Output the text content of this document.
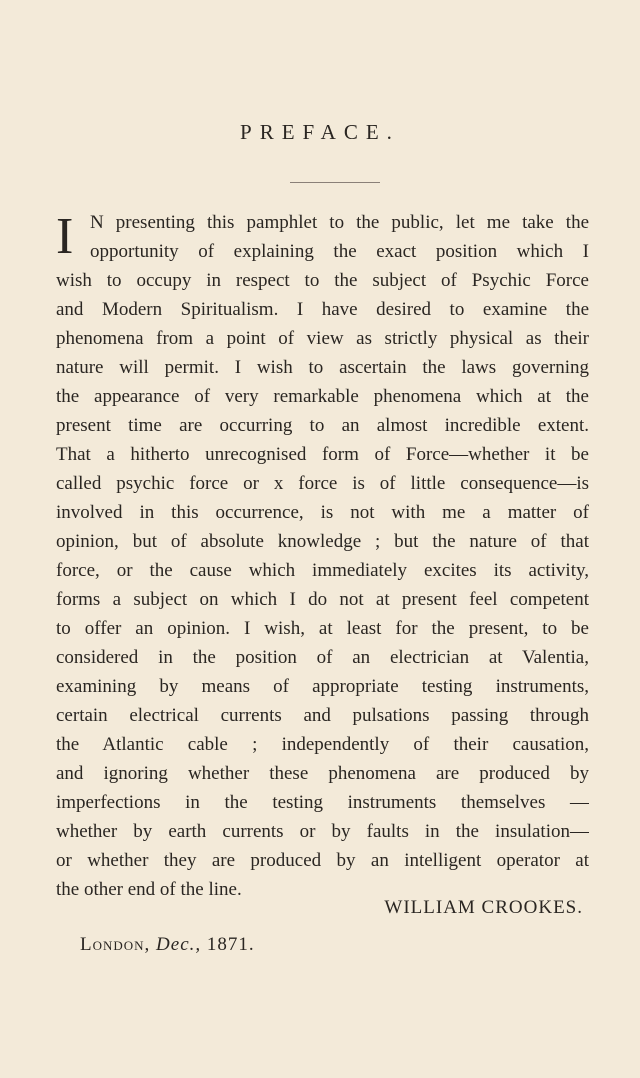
PREFACE.
I N presenting this pamphlet to the public, let me take the
opportunity of explaining the exact position which I
wish to occupy in respect to the subject of Psychic Force
and Modern Spiritualism. I have desired to examine the
phenomena from a point of view as strictly physical as their
nature will permit. I wish to ascertain the laws governing
the appearance of very remarkable phenomena which at the
present time are occurring to an almost incredible extent.
That a hitherto unrecognised form of Force—whether it be
called psychic force or x force is of little consequence—is
involved in this occurrence, is not with me a matter of
opinion, but of absolute knowledge ; but the nature of that
force, or the cause which immediately excites its activity,
forms a subject on which I do not at present feel competent
to offer an opinion. I wish, at least for the present, to be
considered in the position of an electrician at Valentia,
examining by means of appropriate testing instruments,
certain electrical currents and pulsations passing through
the Atlantic cable ; independently of their causation,
and ignoring whether these phenomena are produced by
imperfections in the testing instruments themselves —
whether by earth currents or by faults in the insulation—
or whether they are produced by an intelligent operator at
the other end of the line.
WILLIAM CROOKES.
London, Dec., 1871.
